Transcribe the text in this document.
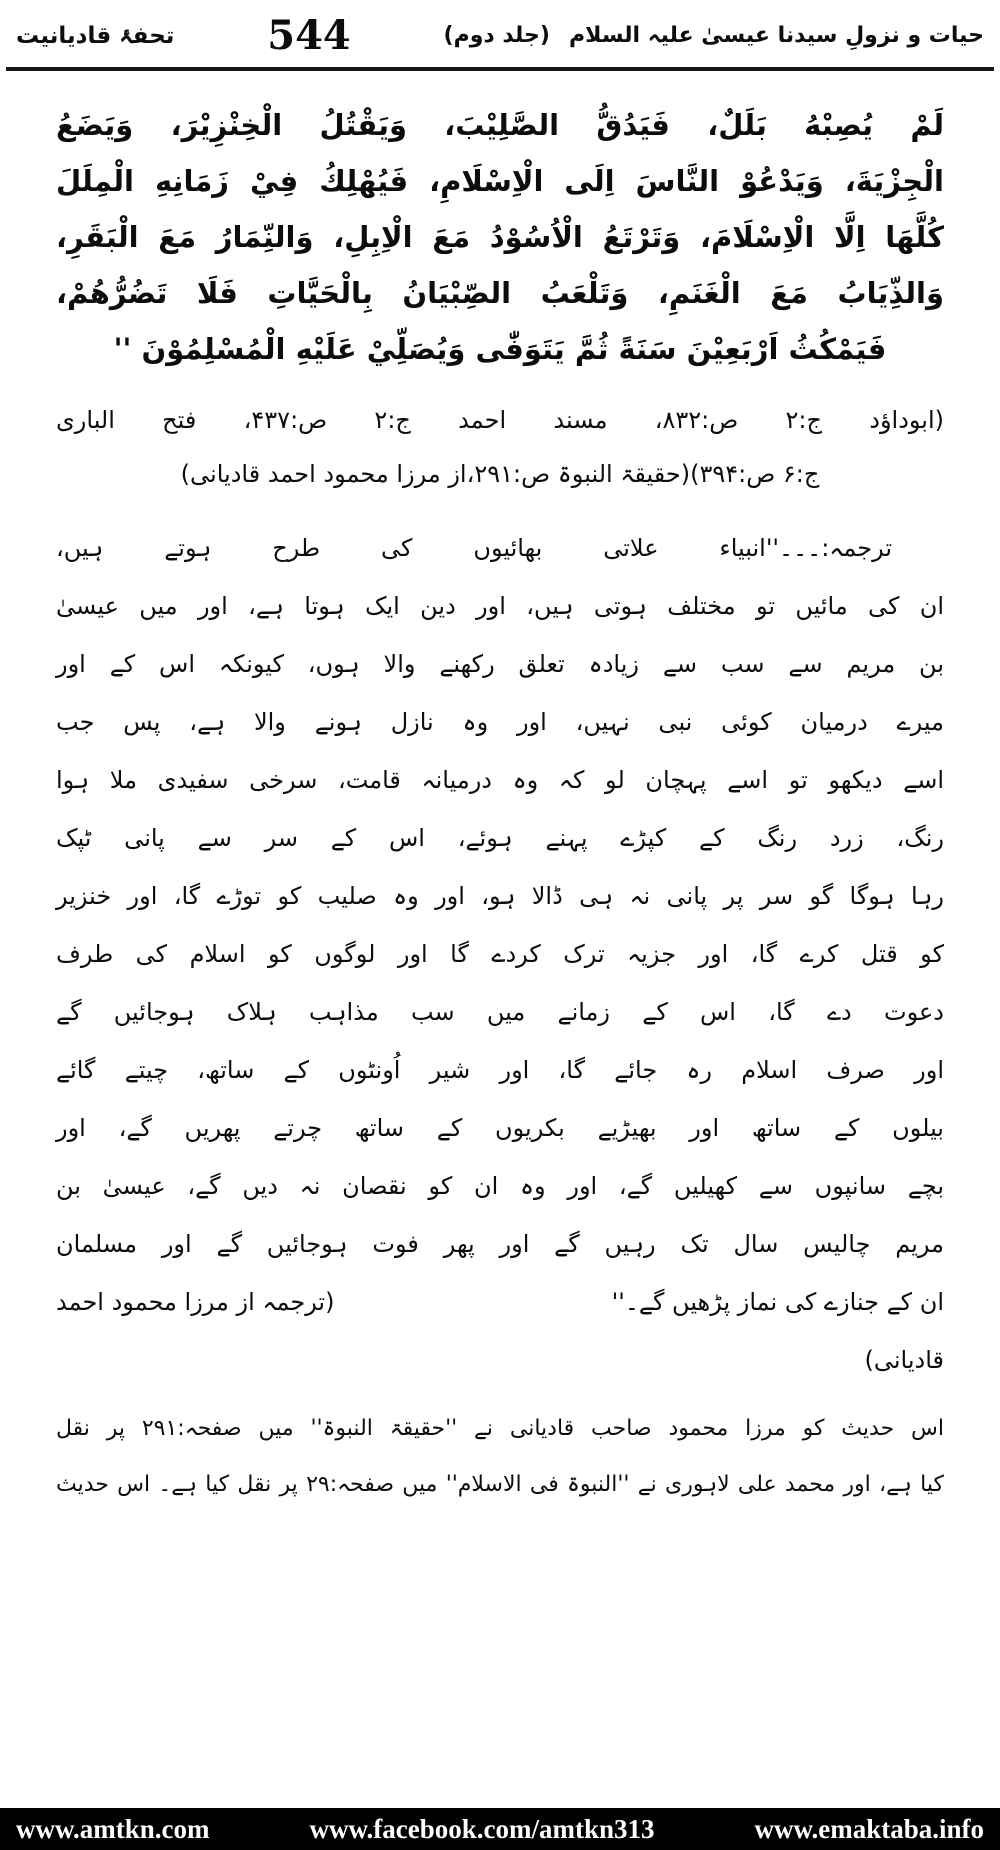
حیات و نزولِ سیدنا عیسیٰ علیہ السلام (جلد دوم)
544
تحفۂ قادیانیت
لَمْ يُصِبْهُ بَلَلٌ، فَيَدُقُّ الصَّلِيْبَ، وَيَقْتُلُ الْخِنْزِيْرَ، وَيَضَعُ
الْجِزْيَةَ، وَيَدْعُوْ النَّاسَ اِلَى الْاِسْلَامِ، فَيُهْلِكُ فِيْ زَمَانِهِ الْمِلَلَ
كُلَّهَا اِلَّا الْاِسْلَامَ، وَتَرْتَعُ الْاُسُوْدُ مَعَ الْاِبِلِ، وَالنِّمَارُ مَعَ الْبَقَرِ،
وَالذِّيَابُ مَعَ الْغَنَمِ، وَتَلْعَبُ الصِّبْيَانُ بِالْحَيَّاتِ فَلَا تَضُرُّهُمْ،
فَيَمْكُثُ اَرْبَعِيْنَ سَنَةً ثُمَّ يَتَوَفّٰى وَيُصَلِّيْ عَلَيْهِ الْمُسْلِمُوْنَ ''
(ابوداؤد ج:۲ ص:۸۳۲، مسند احمد ج:۲ ص:۴۳۷، فتح الباری
ج:۶ ص:۳۹۴)(حقیقۃ النبوۃ ص:۲۹۱،از مرزا محمود احمد قادیانی)
ترجمہ:۔۔۔''انبیاء علاتی بھائیوں کی طرح ہوتے ہیں،
ان کی مائیں تو مختلف ہوتی ہیں، اور دین ایک ہوتا ہے، اور میں عیسیٰ
بن مریم سے سب سے زیادہ تعلق رکھنے والا ہوں، کیونکہ اس کے اور
میرے درمیان کوئی نبی نہیں، اور وہ نازل ہونے والا ہے، پس جب
اسے دیکھو تو اسے پہچان لو کہ وہ درمیانہ قامت، سرخی سفیدی ملا ہوا
رنگ، زرد رنگ کے کپڑے پہنے ہوئے، اس کے سر سے پانی ٹپک
رہا ہوگا گو سر پر پانی نہ ہی ڈالا ہو، اور وہ صلیب کو توڑے گا، اور خنزیر
کو قتل کرے گا، اور جزیہ ترک کردے گا اور لوگوں کو اسلام کی طرف
دعوت دے گا، اس کے زمانے میں سب مذاہب ہلاک ہوجائیں گے
اور صرف اسلام رہ جائے گا، اور شیر اُونٹوں کے ساتھ، چیتے گائے
بیلوں کے ساتھ اور بھیڑیے بکریوں کے ساتھ چرتے پھریں گے، اور
بچے سانپوں سے کھیلیں گے، اور وہ ان کو نقصان نہ دیں گے، عیسیٰ بن
مریم چالیس سال تک رہیں گے اور پھر فوت ہوجائیں گے اور مسلمان
ان کے جنازے کی نماز پڑھیں گے۔''
(ترجمہ از مرزا محمود احمد
قادیانی)
اس حدیث کو مرزا محمود صاحب قادیانی نے ''حقیقۃ النبوۃ'' میں صفحہ:۲۹۱ پر نقل
کیا ہے، اور محمد علی لاہوری نے ''النبوۃ فی الاسلام'' میں صفحہ:۲۹ پر نقل کیا ہے۔ اس حدیث
www.amtkn.com	www.facebook.com/amtkn313	www.emaktaba.info
